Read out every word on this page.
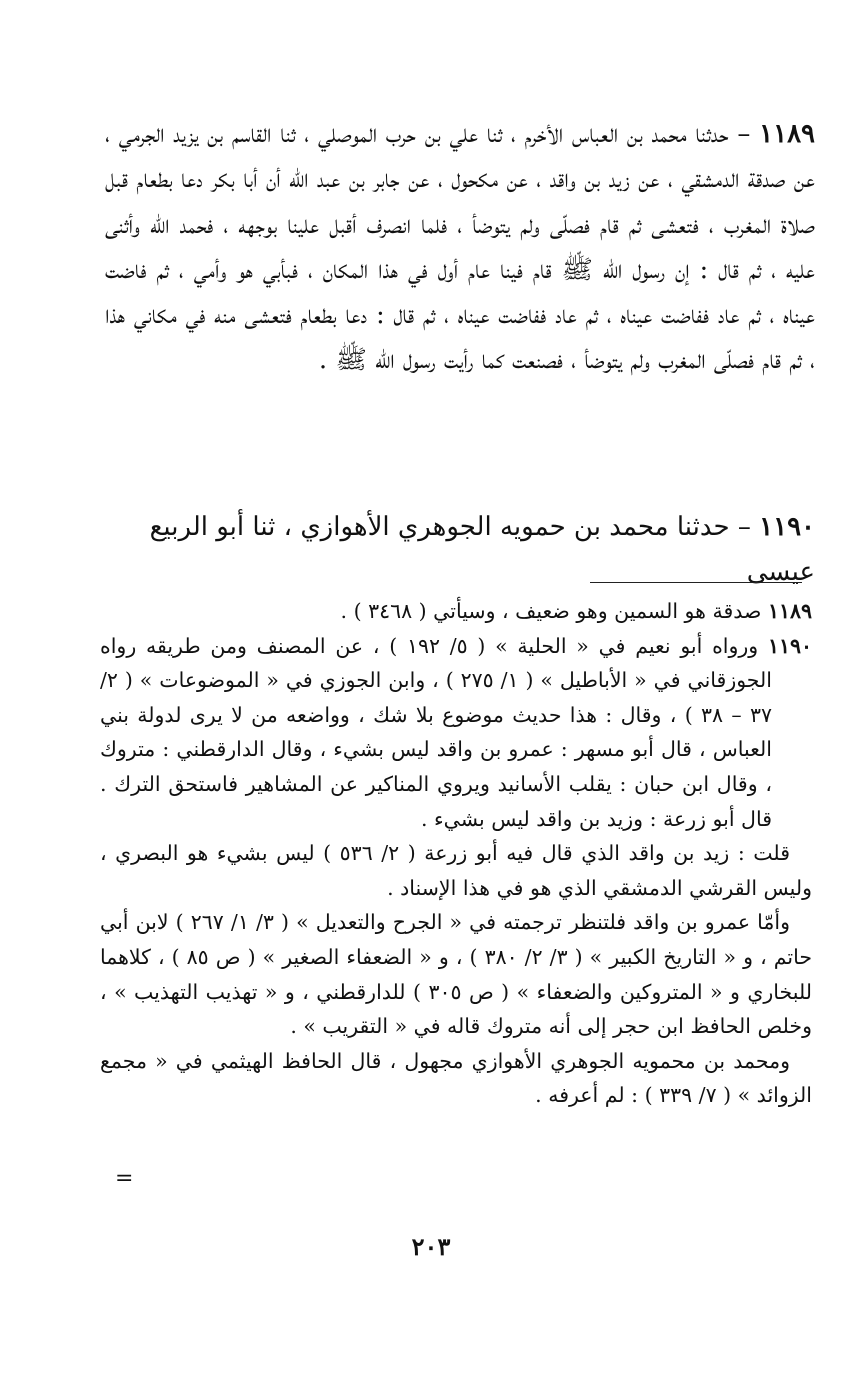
١١٨٩ – حدثنا محمد بن العباس الأخرم ، ثنا علي بن حرب الموصلي ، ثنا القاسم بن يزيد الجرمي ، عن صدقة الدمشقي ، عن زيد بن واقد ، عن مكحول ، عن جابر بن عبد الله أن أبا بكر دعا بطعام قبل صلاة المغرب ، فتعشى ثم قام فصلّى ولم يتوضأ ، فلما انصرف أقبل علينا بوجهه ، فحمد الله وأثنى عليه ، ثم قال : إن رسول الله ﷺ قام فينا عام أول في هذا المكان ، فبأبي هو وأمي ، ثم فاضت عيناه ، ثم عاد ففاضت عيناه ، ثم عاد ففاضت عيناه ، ثم قال : دعا بطعام فتعشى منه في مكاني هذا ، ثم قام فصلّى المغرب ولم يتوضأ ، فصنعت كما رأيت رسول الله ﷺ .

١١٩٠ – حدثنا محمد بن حمويه الجوهري الأهوازي ، ثنا أبو الربيع عيسى

١١٨٩ صدقة هو السمين وهو ضعيف ، وسيأتي ( ٣٤٦٨ ) .

١١٩٠ ورواه أبو نعيم في « الحلية » ( ٥/ ١٩٢ ) ، عن المصنف ومن طريقه رواه الجوزقاني في « الأباطيل » ( ١/ ٢٧٥ ) ، وابن الجوزي في « الموضوعات » ( ٢/ ٣٧ – ٣٨ ) ، وقال : هذا حديث موضوع بلا شك ، وواضعه من لا يرى لدولة بني العباس ، قال أبو مسهر : عمرو بن واقد ليس بشيء ، وقال الدارقطني : متروك ، وقال ابن حبان : يقلب الأسانيد ويروي المناكير عن المشاهير فاستحق الترك . قال أبو زرعة : وزيد بن واقد ليس بشيء .

قلت : زيد بن واقد الذي قال فيه أبو زرعة ( ٢/ ٥٣٦ ) ليس بشيء هو البصري ، وليس القرشي الدمشقي الذي هو في هذا الإسناد .

وأمّا عمرو بن واقد فلتنظر ترجمته في « الجرح والتعديل » ( ٣/ ١/ ٢٦٧ ) لابن أبي حاتم ، و « التاريخ الكبير » ( ٣/ ٢/ ٣٨٠ ) ، و « الضعفاء الصغير » ( ص ٨٥ ) ، كلاهما للبخاري و « المتروكين والضعفاء » ( ص ٣٠٥ ) للدارقطني ، و « تهذيب التهذيب » ، وخلص الحافظ ابن حجر إلى أنه متروك قاله في « التقريب » .

ومحمد بن محمويه الجوهري الأهوازي مجهول ، قال الحافظ الهيثمي في « مجمع الزوائد » ( ٧/ ٣٣٩ ) : لم أعرفه .

=
٢٠٣
